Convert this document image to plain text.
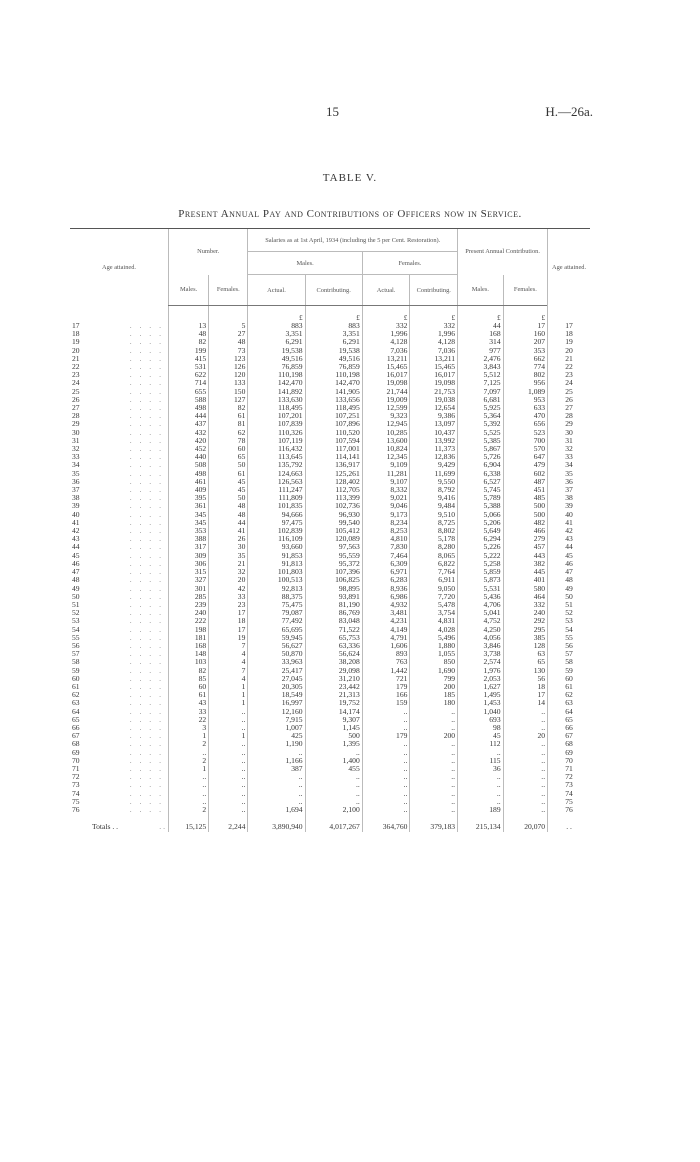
15	H.—26a.
TABLE V.
Present Annual Pay and Contributions of Officers now in Service.
Age attained.	Number.		Salaries as at 1st April, 1934 (including the 5 per Cent. Restoration).				Present Annual Contribution.		Age attained.
			Males.		Females.				
	Males.	Females.	Actual.	Contributing.	Actual.	Contributing.	Males.	Females.	
			£	£	£	£	£	£	
17 . . . .	13	5	883	883	332	332	44	17	17
18 . . . .	48	27	3,351	3,351	1,996	1,996	168	160	18
19 . . . .	82	48	6,291	6,291	4,128	4,128	314	207	19
20 . . . .	199	73	19,538	19,538	7,036	7,036	977	353	20
21 . . . .	415	123	49,516	49,516	13,211	13,211	2,476	662	21
22 . . . .	531	126	76,859	76,859	15,465	15,465	3,843	774	22
23 . . . .	622	120	110,198	110,198	16,017	16,017	5,512	802	23
24 . . . .	714	133	142,470	142,470	19,098	19,098	7,125	956	24
25 . . . .	655	150	141,892	141,905	21,744	21,753	7,097	1,089	25
26 . . . .	588	127	133,630	133,656	19,009	19,038	6,681	953	26
27 . . . .	498	82	118,495	118,495	12,599	12,654	5,925	633	27
28 . . . .	444	61	107,201	107,251	9,323	9,386	5,364	470	28
29 . . . .	437	81	107,839	107,896	12,945	13,097	5,392	656	29
30 . . . .	432	62	110,326	110,520	10,285	10,437	5,525	523	30
31 . . . .	420	78	107,119	107,594	13,600	13,992	5,385	700	31
32 . . . .	452	60	116,432	117,001	10,824	11,373	5,867	570	32
33 . . . .	440	65	113,645	114,141	12,345	12,836	5,726	647	33
34 . . . .	508	50	135,792	136,917	9,109	9,429	6,904	479	34
35 . . . .	498	61	124,663	125,261	11,281	11,699	6,338	602	35
36 . . . .	461	45	126,563	128,402	9,107	9,550	6,527	487	36
37 . . . .	409	45	111,247	112,705	8,332	8,792	5,745	451	37
38 . . . .	395	50	111,809	113,399	9,021	9,416	5,789	485	38
39 . . . .	361	48	101,835	102,736	9,046	9,484	5,388	500	39
40 . . . .	345	48	94,666	96,930	9,173	9,510	5,066	500	40
41 . . . .	345	44	97,475	99,540	8,234	8,725	5,206	482	41
42 . . . .	353	41	102,839	105,412	8,253	8,802	5,649	466	42
43 . . . .	388	26	116,109	120,089	4,810	5,178	6,294	279	43
44 . . . .	317	30	93,660	97,563	7,830	8,280	5,226	457	44
45 . . . .	309	35	91,853	95,559	7,464	8,065	5,222	443	45
46 . . . .	306	21	91,813	95,372	6,309	6,822	5,258	382	46
47 . . . .	315	32	101,803	107,396	6,971	7,764	5,859	445	47
48 . . . .	327	20	100,513	106,825	6,283	6,911	5,873	401	48
49 . . . .	301	42	92,813	98,895	8,936	9,050	5,531	580	49
50 . . . .	285	33	88,375	93,891	6,986	7,720	5,436	464	50
51 . . . .	239	23	75,475	81,190	4,932	5,478	4,706	332	51
52 . . . .	240	17	79,087	86,769	3,481	3,754	5,041	240	52
53 . . . .	222	18	77,492	83,048	4,231	4,831	4,752	292	53
54 . . . .	198	17	65,695	71,522	4,149	4,028	4,250	295	54
55 . . . .	181	19	59,945	65,753	4,791	5,496	4,056	385	55
56 . . . .	168	7	56,627	63,336	1,606	1,880	3,846	128	56
57 . . . .	148	4	50,870	56,624	893	1,055	3,738	63	57
58 . . . .	103	4	33,963	38,208	763	850	2,574	65	58
59 . . . .	82	7	25,417	29,098	1,442	1,690	1,976	130	59
60 . . . .	85	4	27,045	31,210	721	799	2,053	56	60
61 . . . .	60	1	20,305	23,442	179	200	1,627	18	61
62 . . . .	61	1	18,549	21,313	166	185	1,495	17	62
63 . . . .	43	1	16,997	19,752	159	180	1,453	14	63
64 . . . .	33	..	12,160	14,174	..	..	1,040	..	64
65 . . . .	22	..	7,915	9,307	..	..	693	..	65
66 . . . .	3	..	1,007	1,145	..	..	98	..	66
67 . . . .	1	1	425	500	179	200	45	20	67
68 . . . .	2	..	1,190	1,395	..	..	112	..	68
69 . . . .	..	..	..	..	..	..	..	..	69
70 . . . .	2	..	1,166	1,400	..	..	115	..	70
71 . . . .	1	..	387	455	..	..	36	..	71
72 . . . .	..	..	..	..	..	..	..	..	72
73 . . . .	..	..	..	..	..	..	..	..	73
74 . . . .	..	..	..	..	..	..	..	..	74
75 . . . .	..	..	..	..	..	..	..	..	75
76 . . . .	2	..	1,694	2,100	..	..	189	..	76
Totals . . . .	15,125	2,244	3,890,940	4,017,267	364,760	379,183	215,134	20,070	. .
